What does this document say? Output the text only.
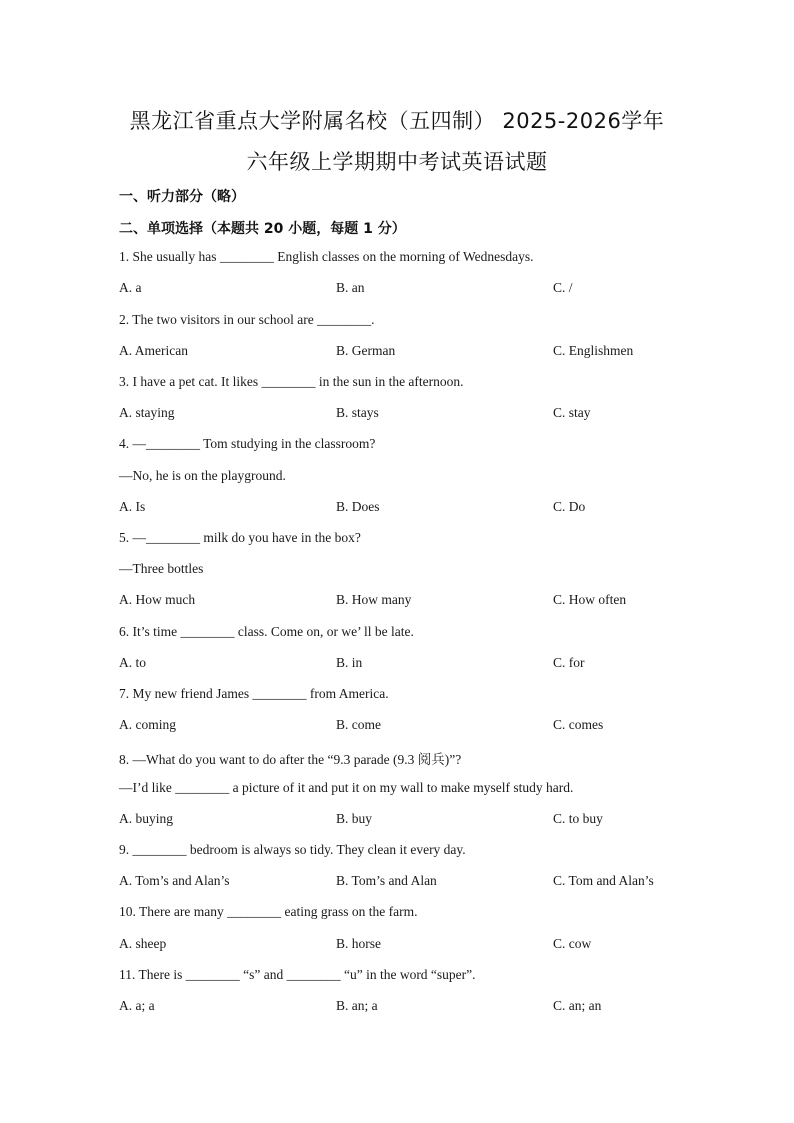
黑龙江省重点大学附属名校（五四制） 2025-2026学年
六年级上学期期中考试英语试题
一、听力部分（略）
二、单项选择（本题共 20 小题，每题 1 分）
1. She usually has ________ English classes on the morning of Wednesdays.
A. a	B. an	C. /
2. The two visitors in our school are ________.
A. American	B. German	C. Englishmen
3. I have a pet cat. It likes ________ in the sun in the afternoon.
A. staying	B. stays	C. stay
4. —________ Tom studying in the classroom?
—No, he is on the playground.
A. Is	B. Does	C. Do
5. —________ milk do you have in the box?
—Three bottles
A. How much	B. How many	C. How often
6. It’s time ________ class. Come on, or we’ ll be late.
A. to	B. in	C. for
7. My new friend James ________ from America.
A. coming	B. come	C. comes
8. —What do you want to do after the “9.3 parade (9.3 阅兵)”?
—I’d like ________ a picture of it and put it on my wall to make myself study hard.
A. buying	B. buy	C. to buy
9. ________ bedroom is always so tidy. They clean it every day.
A. Tom’s and Alan’s	B. Tom’s and Alan	C. Tom and Alan’s
10. There are many ________ eating grass on the farm.
A. sheep	B. horse	C. cow
11. There is ________ “s” and ________ “u” in the word “super”.
A. a; a	B. an; a	C. an; an
